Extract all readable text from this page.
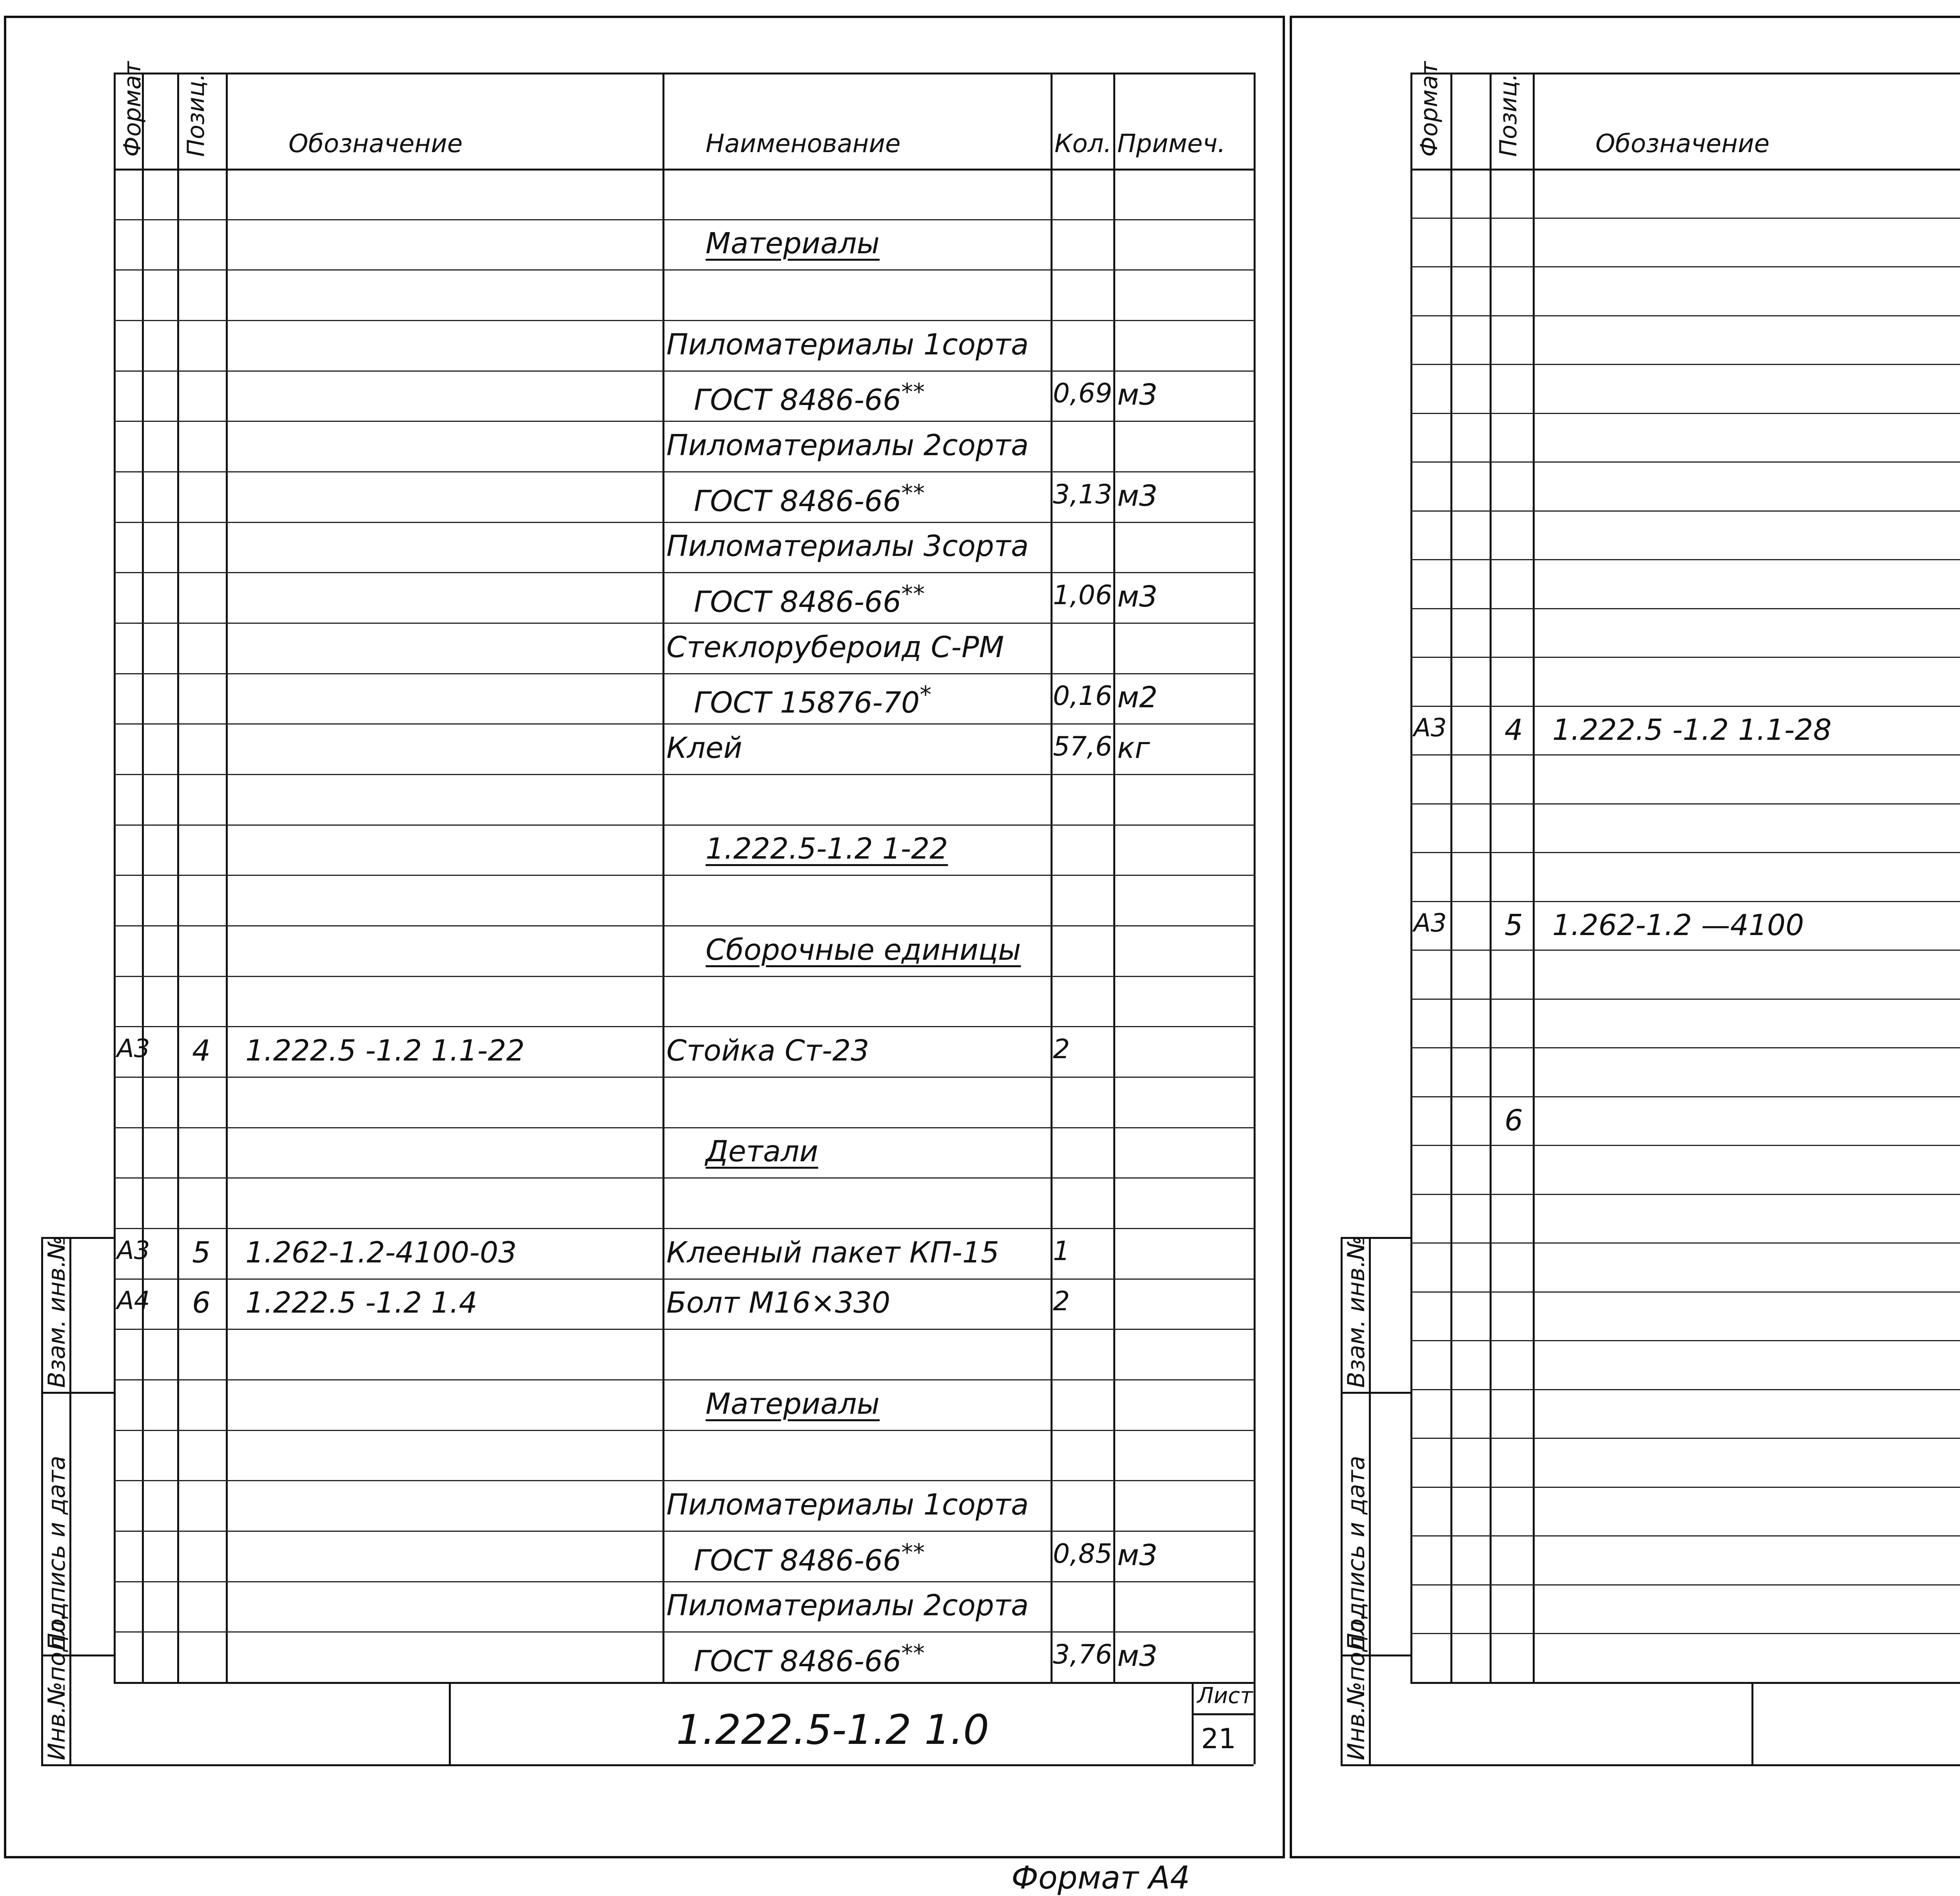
Формат Позиц.	Обозначение	Наименование	Кол. Примеч.
Материалы
Пиломатериалы 1сорта
ГОСТ 8486-66**	0,69 м3
Пиломатериалы 2сорта
ГОСТ 8486-66**	3,13 м3
Пиломатериалы 3сорта
ГОСТ 8486-66**	1,06 м3
Стеклорубероид С-РМ
ГОСТ 15876-70*	0,16 м2
Клей	57,6 кг
1.222.5-1.2 1-22
Сборочные единицы
А3 4 1.222.5 -1.2 1.1-22	Стойка Ст-23	2
Детали
А3 5 1.262-1.2-4100-03	Клееный пакет КП-15 1
А4 6 1.222.5 -1.2 1.4	Болт М16×330	2
Материалы
Пиломатериалы 1сорта
ГОСТ 8486-66**	0,85 м3
Пиломатериалы 2сорта
ГОСТ 8486-66**	3,76 м3
1.222.5-1.2 1.0
Лист
21
Взам. инв.№
Подпись и дата
Инв.№подл.
Формат А4
Формат Позиц.	Обозначение
А3 4 1.222.5 -1.2 1.1-28
А3 5 1.262-1.2 —4100
6
Взам. инв.№
Подпись и дата
Инв.№подл.
